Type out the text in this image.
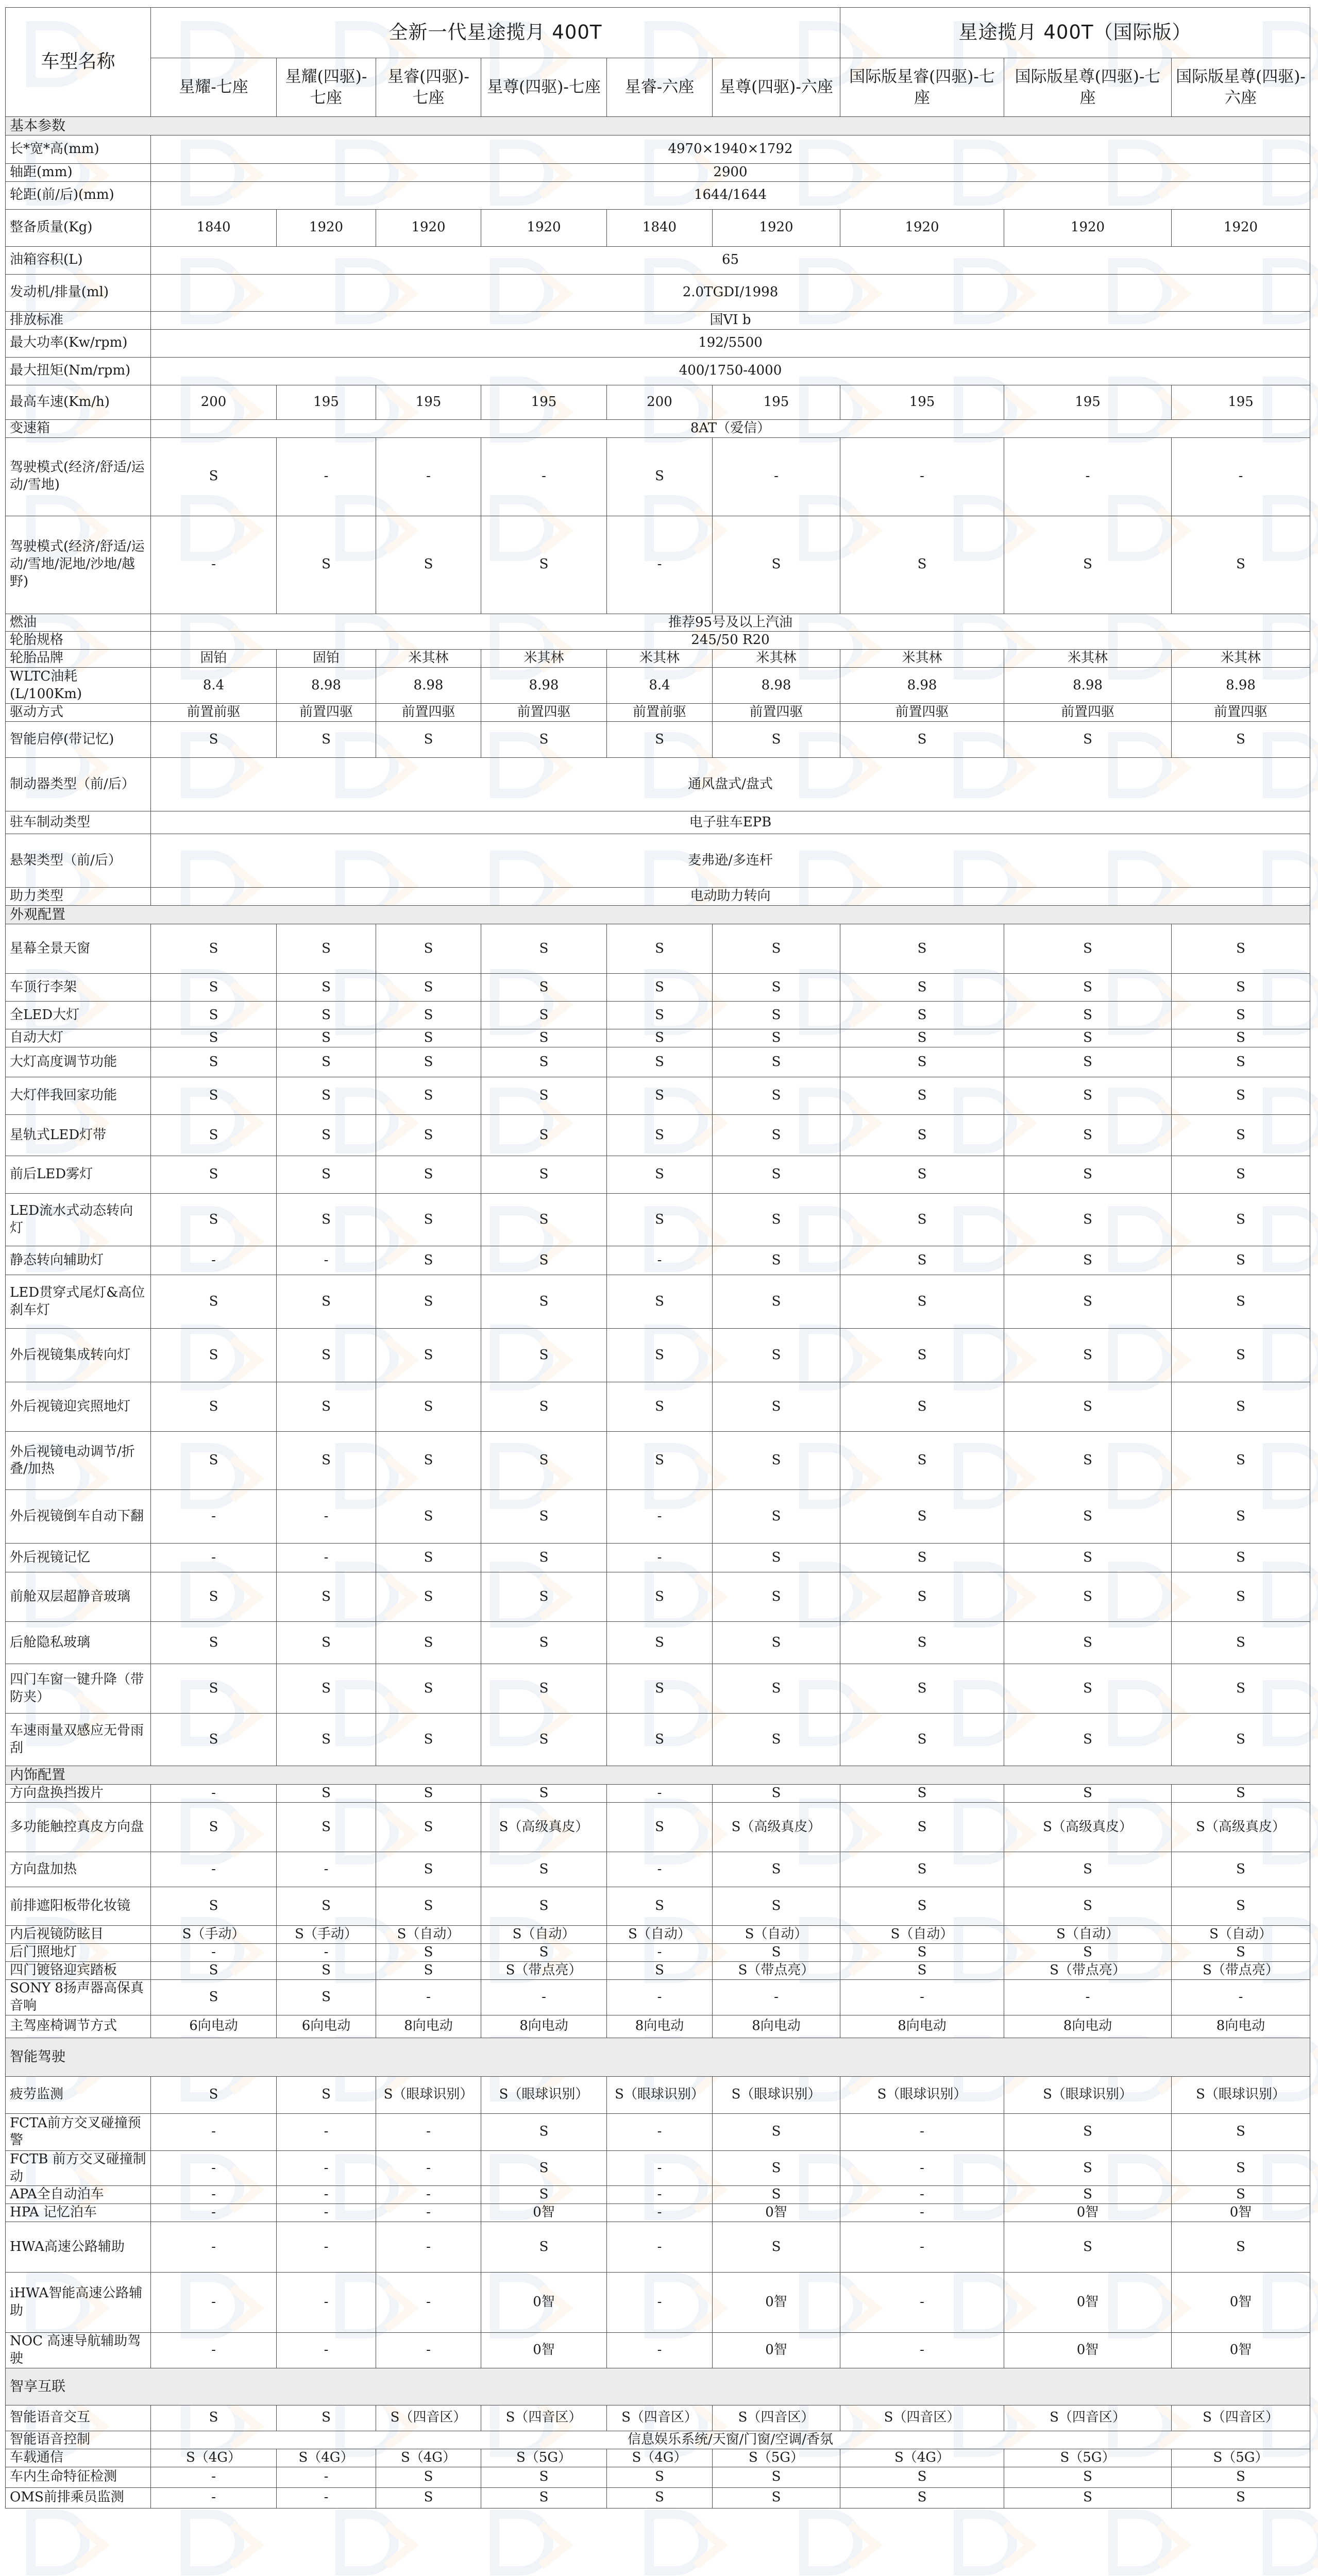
车型名称	全新一代星途揽月 400T						星途揽月 400T（国际版）		
	星耀-七座	星耀(四驱)-七座	星睿(四驱)-七座	星尊(四驱)-七座	星睿-六座	星尊(四驱)-六座	国际版星睿(四驱)-七座	国际版星尊(四驱)-七座	国际版星尊(四驱)-六座
基本参数									
长*宽*高(mm)	4970×1940×1792								
轴距(mm)	2900								
轮距(前/后)(mm)	1644/1644								
整备质量(Kg)	1840	1920	1920	1920	1840	1920	1920	1920	1920
油箱容积(L)	65								
发动机/排量(ml)	2.0TGDI/1998								
排放标准	国VI b								
最大功率(Kw/rpm)	192/5500								
最大扭矩(Nm/rpm)	400/1750-4000								
最高车速(Km/h)	200	195	195	195	200	195	195	195	195
变速箱	8AT（爱信）								
驾驶模式(经济/舒适/运动/雪地)	S	-	-	-	S	-	-	-	-
驾驶模式(经济/舒适/运动/雪地/泥地/沙地/越野)	-	S	S	S	-	S	S	S	S
燃油	推荐95号及以上汽油								
轮胎规格	245/50 R20								
轮胎品牌	固铂	固铂	米其林	米其林	米其林	米其林	米其林	米其林	米其林
WLTC油耗(L/100Km)	8.4	8.98	8.98	8.98	8.4	8.98	8.98	8.98	8.98
驱动方式	前置前驱	前置四驱	前置四驱	前置四驱	前置前驱	前置四驱	前置四驱	前置四驱	前置四驱
智能启停(带记忆)	S	S	S	S	S	S	S	S	S
制动器类型（前/后）	通风盘式/盘式								
驻车制动类型	电子驻车EPB								
悬架类型（前/后）	麦弗逊/多连杆								
助力类型	电动助力转向								
外观配置									
星幕全景天窗	S	S	S	S	S	S	S	S	S
车顶行李架	S	S	S	S	S	S	S	S	S
全LED大灯	S	S	S	S	S	S	S	S	S
自动大灯	S	S	S	S	S	S	S	S	S
大灯高度调节功能	S	S	S	S	S	S	S	S	S
大灯伴我回家功能	S	S	S	S	S	S	S	S	S
星轨式LED灯带	S	S	S	S	S	S	S	S	S
前后LED雾灯	S	S	S	S	S	S	S	S	S
LED流水式动态转向灯	S	S	S	S	S	S	S	S	S
静态转向辅助灯	-	-	S	S	-	S	S	S	S
LED贯穿式尾灯&高位刹车灯	S	S	S	S	S	S	S	S	S
外后视镜集成转向灯	S	S	S	S	S	S	S	S	S
外后视镜迎宾照地灯	S	S	S	S	S	S	S	S	S
外后视镜电动调节/折叠/加热	S	S	S	S	S	S	S	S	S
外后视镜倒车自动下翻	-	-	S	S	-	S	S	S	S
外后视镜记忆	-	-	S	S	-	S	S	S	S
前舱双层超静音玻璃	S	S	S	S	S	S	S	S	S
后舱隐私玻璃	S	S	S	S	S	S	S	S	S
四门车窗一键升降（带防夹）	S	S	S	S	S	S	S	S	S
车速雨量双感应无骨雨刮	S	S	S	S	S	S	S	S	S
内饰配置									
方向盘换挡拨片	-	S	S	S	-	S	S	S	S
多功能触控真皮方向盘	S	S	S	S（高级真皮）	S	S（高级真皮）	S	S（高级真皮）	S（高级真皮）
方向盘加热	-	-	S	S	-	S	S	S	S
前排遮阳板带化妆镜	S	S	S	S	S	S	S	S	S
内后视镜防眩目	S（手动）	S（手动）	S（自动）	S（自动）	S（自动）	S（自动）	S（自动）	S（自动）	S（自动）
后门照地灯	-	-	S	S	-	S	S	S	S
四门镀铬迎宾踏板	S	S	S	S（带点亮）	S	S（带点亮）	S	S（带点亮）	S（带点亮）
SONY 8扬声器高保真音响	S	S	-	-	-	-	-	-	-
主驾座椅调节方式	6向电动	6向电动	8向电动	8向电动	8向电动	8向电动	8向电动	8向电动	8向电动
智能驾驶									
疲劳监测	S	S	S（眼球识别）	S（眼球识别）	S（眼球识别）	S（眼球识别）	S（眼球识别）	S（眼球识别）	S（眼球识别）
FCTA前方交叉碰撞预警	-	-	-	S	-	S	-	S	S
FCTB 前方交叉碰撞制动	-	-	-	S	-	S	-	S	S
APA全自动泊车	-	-	-	S	-	S	-	S	S
HPA 记忆泊车	-	-	-	0智	-	0智	-	0智	0智
HWA高速公路辅助	-	-	-	S	-	S	-	S	S
iHWA智能高速公路辅助	-	-	-	0智	-	0智	-	0智	0智
NOC 高速导航辅助驾驶	-	-	-	0智	-	0智	-	0智	0智
智享互联									
智能语音交互	S	S	S（四音区）	S（四音区）	S（四音区）	S（四音区）	S（四音区）	S（四音区）	S（四音区）
智能语音控制	信息娱乐系统/天窗/门窗/空调/香氛								
车载通信	S（4G）	S（4G）	S（4G）	S（5G）	S（4G）	S（5G）	S（4G）	S（5G）	S（5G）
车内生命特征检测	-	-	S	S	S	S	S	S	S
OMS前排乘员监测	-	-	S	S	S	S	S	S	S
